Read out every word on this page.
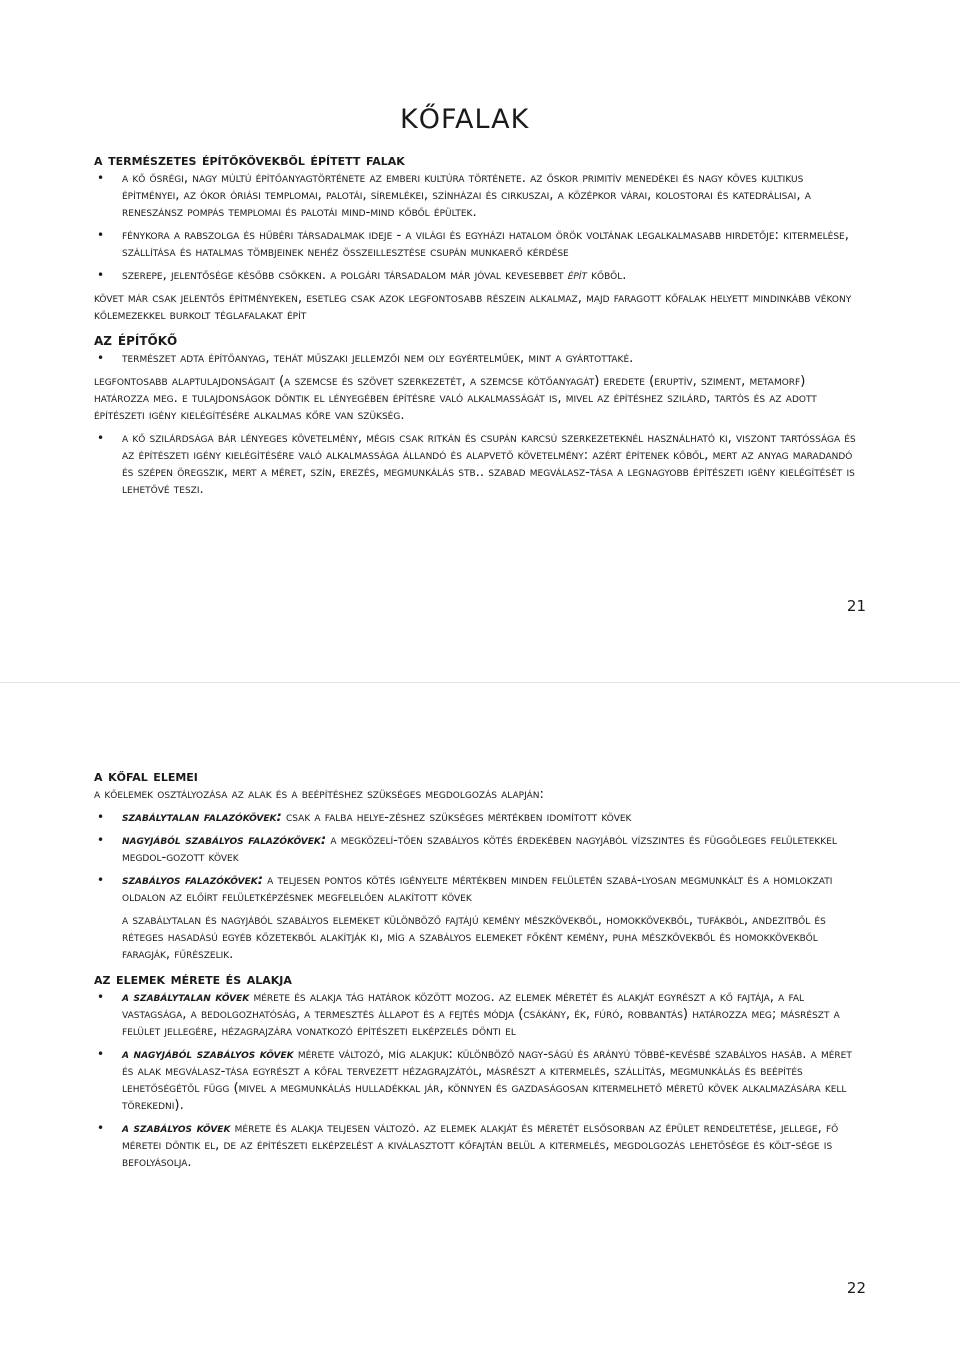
kőfalak
a természetes építőkövekből épített falak
• a kő ősrégi, nagy múltú építőanyagtörténete az emberi kultúra története. az őskor primitív menedékei és nagy köves kultikus építményei, az ókor óriási templomai, palotái, síremlékei, színházai és cirkuszai, a középkor várai, kolostorai és katedrálisai, a reneszánsz pompás templomai és palotái mind-mind kőből épültek.
• fénykora a rabszolga és hűbéri társadalmak ideje - a világi és egyházi hatalom örök voltának legalkalmasabb hirdetője: kitermelése, szállítása és hatalmas tömbjeinek nehéz összeillesztése csupán munkaerő kérdése
• szerepe, jelentősége később csökken. a polgári társadalom már jóval kevesebbet épít kőből.

követ már csak jelentős építményeken, esetleg csak azok legfontosabb részein alkalmaz, majd faragott kőfalak helyett mindinkább vékony kőlemezekkel burkolt téglafalakat épít

az építőkő
• természet adta építőanyag, tehát műszaki jellemzői nem oly egyértelműek, mint a gyártottaké.

legfontosabb alaptulajdonságait (a szemcse és szövet szerkezetét, a szemcse kötőanyagát) eredete (eruptív, sziment, metamorf) határozza meg. e tulajdonságok döntik el lényegében építésre való alkalmasságát is, mivel az építéshez szilárd, tartós és az adott építészeti igény kielégítésére alkalmas kőre van szükség.

• a kő szilárdsága bár lényeges követelmény, mégis csak ritkán és csupán karcsú szerkezeteknél használható ki, viszont tartóssága és az építészeti igény kielégítésére való alkalmassága állandó és alapvető követelmény: azért építenek kőből, mert az anyag maradandó és szépen öregszik, mert a méret, szín, erezés, megmunkálás stb.. szabad megválasz-tása a legnagyobb építészeti igény kielégítését is lehetővé teszi.
21
a kőfal elemei

a kőelemek osztályozása az alak és a beépítéshez szükséges megdolgozás alapján:

• szabálytalan falazókövek: csak a falba helye-zéshez szükséges mértékben idomított kövek
• nagyjából szabályos falazókövek: a megközelí-tően szabályos kötés érdekében nagyjából vízszintes és függőleges felületekkel megdol-gozott kövek
• szabályos falazókövek: a teljesen pontos kötés igényelte mértékben minden felületén szabá-lyosan megmunkált és a homlokzati oldalon az előírt felületképzésnek megfelelően alakított kövek

a szabálytalan és nagyjából szabályos elemeket különböző fajtájú kemény mészkövekből, homokkövekből, tufákból, andezitből és réteges hasadású egyéb kőzetekből alakítják ki, míg a szabályos elemeket főként kemény, puha mészkövekből és homokkövekből faragják, fűrészelik.

az elemek mérete és alakja
• a szabálytalan kövek mérete és alakja tág határok között mozog. az elemek méretét és alakját egyrészt a kő fajtája, a fal vastagsága, a bedolgozhatóság, a termesztés állapot és a fejtés módja (csákány, ék, fúró, robbantás) határozza meg; másrészt a felület jellegére, hézagrajzára vonatkozó építészeti elképzelés dönti el
• a nagyjából szabályos kövek mérete változó, míg alakjuk: különböző nagy-ságú és arányú többé-kevésbé szabályos hasáb. a méret és alak megválasz-tása egyrészt a kőfal tervezett hézagrajzától, másrészt a kitermelés, szállítás, megmunkálás és beépítés lehetőségétől függ (mivel a megmunkálás hulladékkal jár, könnyen és gazdaságosan kitermelhető méretű kövek alkalmazására kell törekedni).
• a szabályos kövek mérete és alakja teljesen változó. az elemek alakját és méretét elsősorban az épület rendeltetése, jellege, fő méretei döntik el, de az építészeti elképzelést a kiválasztott kőfajtán belül a kitermelés, megdolgozás lehetősége és költ-sége is befolyásolja.
22
